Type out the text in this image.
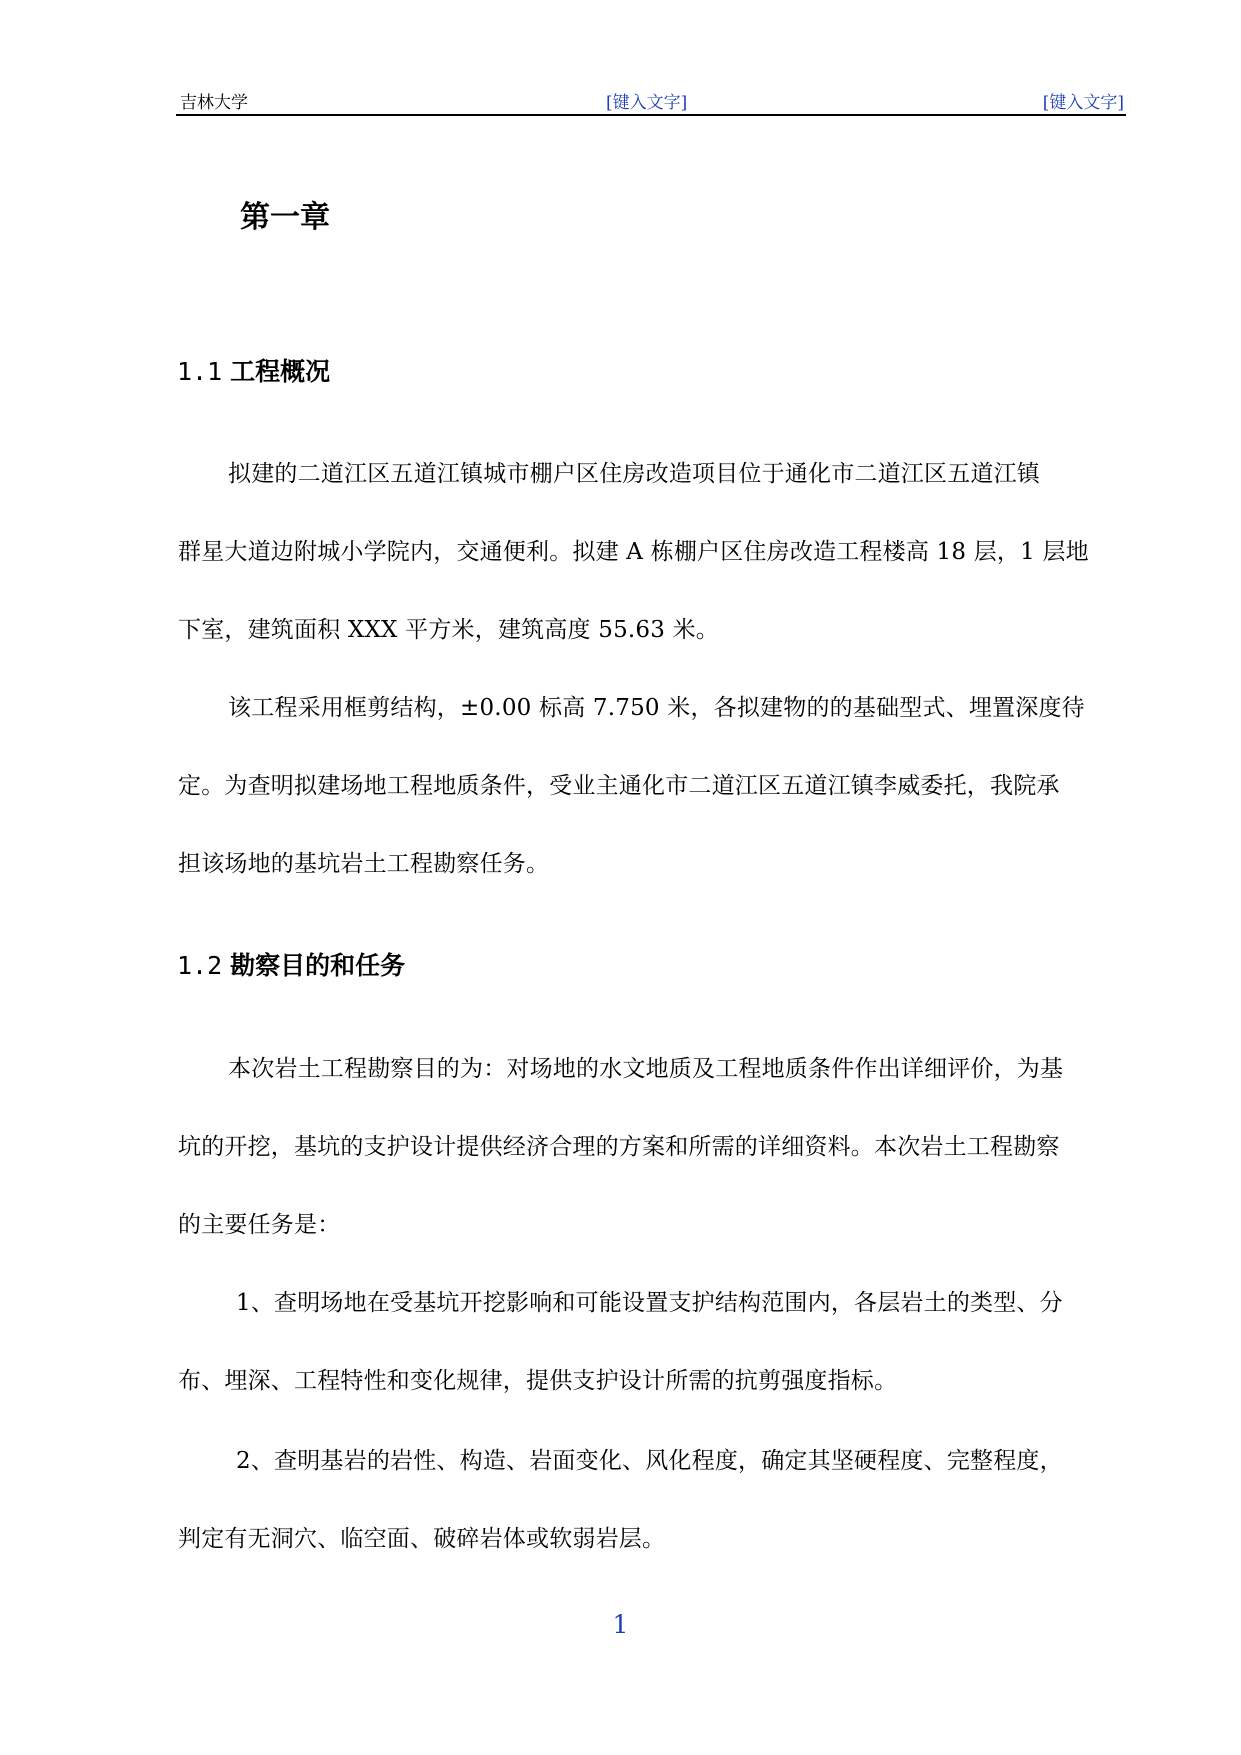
吉林大学	[键入文字]	[键入文字]
第一章
1.1 工程概况
拟建的二道江区五道江镇城市棚户区住房改造项目位于通化市二道江区五道江镇
群星大道边附城小学院内，交通便利。拟建 A 栋棚户区住房改造工程楼高 18 层，1 层地
下室，建筑面积 XXX 平方米，建筑高度 55.63 米。
该工程采用框剪结构，±0.00 标高 7.750 米，各拟建物的的基础型式、埋置深度待
定。为查明拟建场地工程地质条件，受业主通化市二道江区五道江镇李威委托，我院承
担该场地的基坑岩土工程勘察任务。
1.2 勘察目的和任务
本次岩土工程勘察目的为：对场地的水文地质及工程地质条件作出详细评价，为基
坑的开挖，基坑的支护设计提供经济合理的方案和所需的详细资料。本次岩土工程勘察
的主要任务是：
1、查明场地在受基坑开挖影响和可能设置支护结构范围内，各层岩土的类型、分
布、埋深、工程特性和变化规律，提供支护设计所需的抗剪强度指标。
2、查明基岩的岩性、构造、岩面变化、风化程度，确定其坚硬程度、完整程度，
判定有无洞穴、临空面、破碎岩体或软弱岩层。
1
